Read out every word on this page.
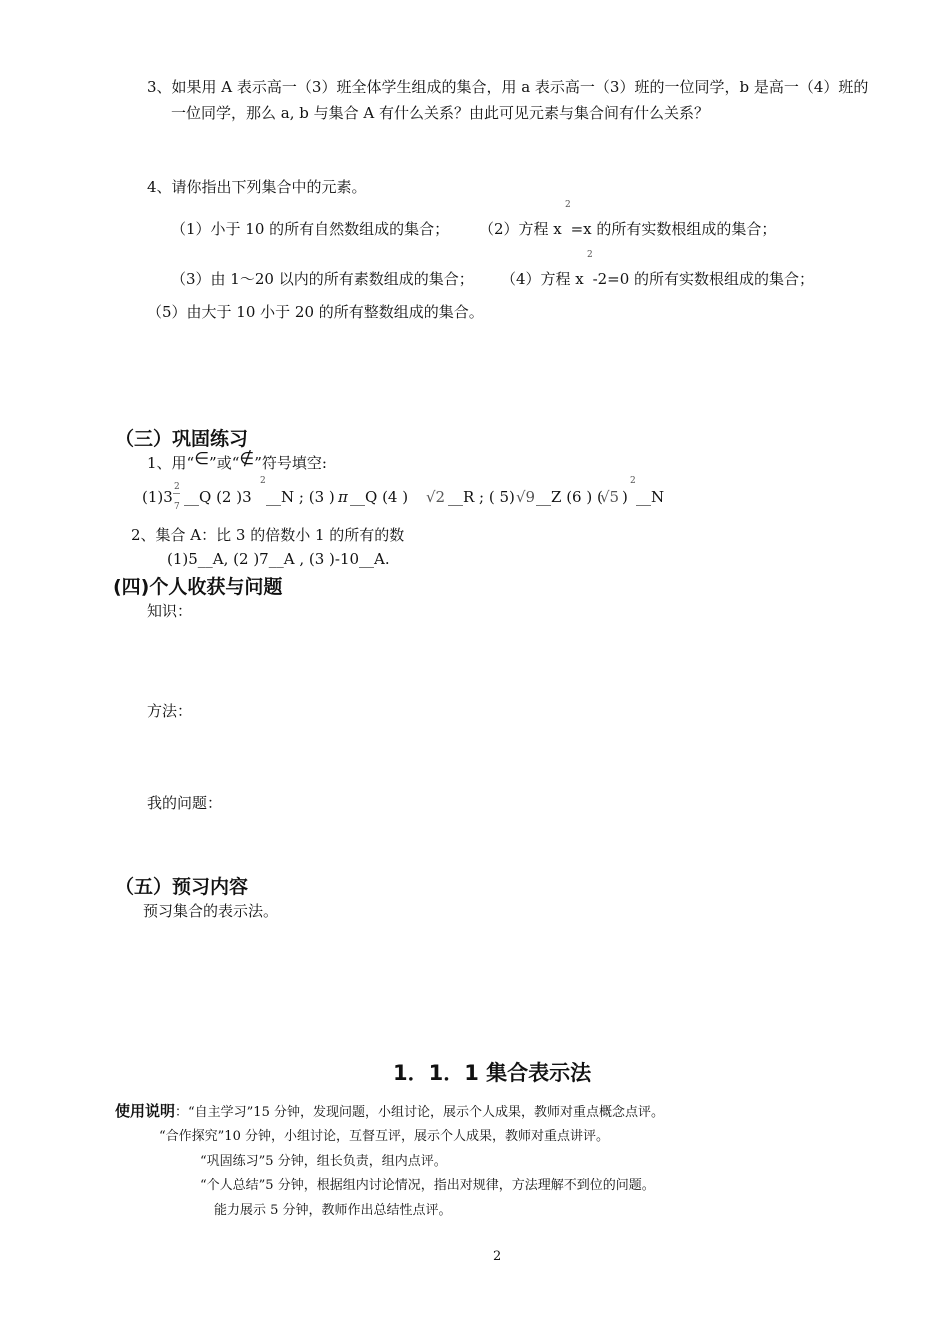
3、如果用 A 表示高一（3）班全体学生组成的集合，用 a 表示高一（3）班的一位同学，b 是高一（4）班的
一位同学，那么 a, b 与集合 A 有什么关系？由此可见元素与集合间有什么关系？
4、请你指出下列集合中的元素。
（1）小于 10 的所有自然数组成的集合； （2）方程 x
2
=x 的所有实数根组成的集合；
（3）由 1～20 以内的所有素数组成的集合； （4）方程 x
2
-2=0 的所有实数根组成的集合；
（5）由大于 10 小于 20 的所有整数组成的集合。
（三）巩固练习
1、用“∈”或“∉”符号填空:
(1)3
2
7
__Q (2 )3
2
__N ; (3 ) π __Q (4 ) √2 __R ; ( 5) √9 __Z (6 ) (
√5 )
2
__N
2、集合 A：比 3 的倍数小 1 的所有的数
(1)5__A, (2 )7__A , (3 )-10__A.
(四)个人收获与问题
知识：
方法：
我的问题：
（五）预习内容
预习集合的表示法。
1．1．1 集合表示法
使用说明：“自主学习”15 分钟，发现问题，小组讨论，展示个人成果，教师对重点概念点评。
“合作探究”10 分钟，小组讨论，互督互评，展示个人成果，教师对重点讲评。
“巩固练习”5 分钟，组长负责，组内点评。
“个人总结”5 分钟，根据组内讨论情况，指出对规律，方法理解不到位的问题。
能力展示 5 分钟，教师作出总结性点评。
2
